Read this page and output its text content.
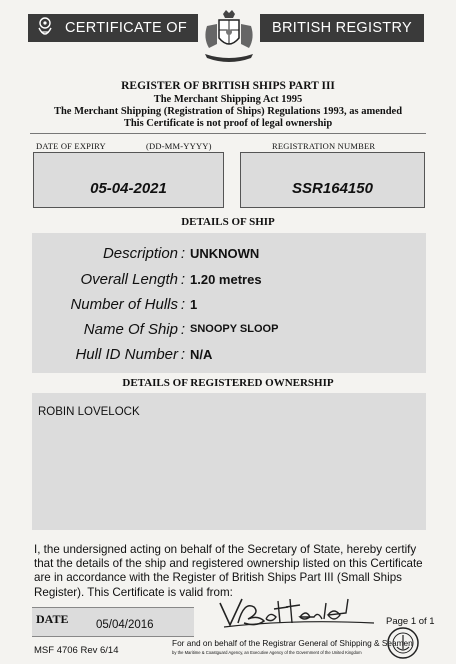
CERTIFICATE OF	BRITISH REGISTRY
REGISTER OF BRITISH SHIPS PART III
The Merchant Shipping Act 1995
The Merchant Shipping (Registration of Ships) Regulations 1993, as amended
This Certificate is not proof of legal ownership
DATE OF EXPIRY	(DD-MM-YYYY)	REGISTRATION NUMBER
05-04-2021	SSR164150
DETAILS OF SHIP
Description : UNKNOWN
Overall Length : 1.20 metres
Number of Hulls : 1
Name Of Ship : SNOOPY SLOOP
Hull ID Number : N/A
DETAILS OF REGISTERED OWNERSHIP
ROBIN LOVELOCK
I, the undersigned acting on behalf of the Secretary of State, hereby certify that the details of the ship and registered ownership listed on this Certificate are in accordance with the Register of British Ships Part III (Small Ships Register). This Certificate is valid from:
DATE 05/04/2016	Page 1 of 1
MSF 4706 Rev 6/14
For and on behalf of the Registrar General of Shipping & Seamen
by the Maritime & Coastguard Agency, an Executive Agency of the Government of the United Kingdom
